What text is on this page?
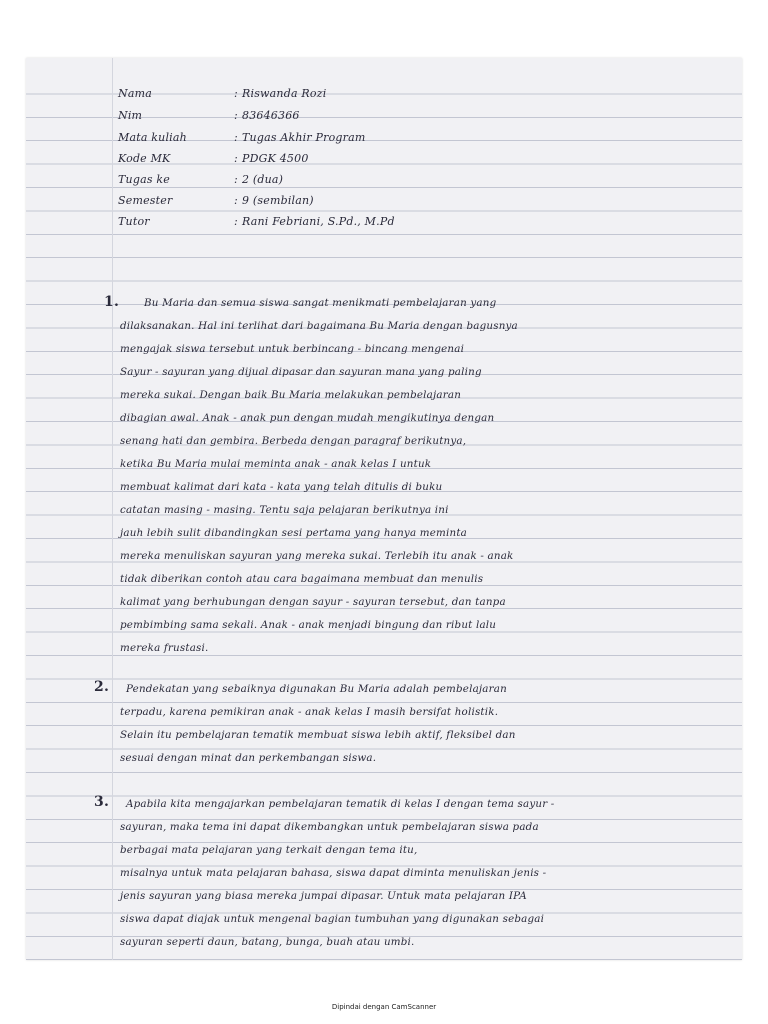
Nama	: Riswanda Rozi
Nim	: 83646366
Mata kuliah	: Tugas Akhir Program
Kode MK	: PDGK 4500
Tugas ke	: 2 (dua)
Semester	: 9 (sembilan)
Tutor	: Rani Febriani, S.Pd., M.Pd
1. Bu Maria dan semua siswa sangat menikmati pembelajaran yang
dilaksanakan. Hal ini terlihat dari bagaimana Bu Maria dengan bagusnya
mengajak siswa tersebut untuk berbincang - bincang mengenai
Sayur - sayuran yang dijual dipasar dan sayuran mana yang paling
mereka sukai. Dengan baik Bu Maria melakukan pembelajaran
dibagian awal. Anak - anak pun dengan mudah mengikutinya dengan
senang hati dan gembira. Berbeda dengan paragraf berikutnya,
ketika Bu Maria mulai meminta anak - anak kelas I untuk
membuat kalimat dari kata - kata yang telah ditulis di buku
catatan masing - masing. Tentu saja pelajaran berikutnya ini
jauh lebih sulit dibandingkan sesi pertama yang hanya meminta
mereka menuliskan sayuran yang mereka sukai. Terlebih itu anak - anak
tidak diberikan contoh atau cara bagaimana membuat dan menulis
kalimat yang berhubungan dengan sayur - sayuran tersebut, dan tanpa
pembimbing sama sekali. Anak - anak menjadi bingung dan ribut lalu
mereka frustasi.
2. Pendekatan yang sebaiknya digunakan Bu Maria adalah pembelajaran
terpadu, karena pemikiran anak - anak kelas I masih bersifat holistik.
Selain itu pembelajaran tematik membuat siswa lebih aktif, fleksibel dan
sesuai dengan minat dan perkembangan siswa.
3. Apabila kita mengajarkan pembelajaran tematik di kelas I dengan tema sayur -
sayuran, maka tema ini dapat dikembangkan untuk pembelajaran siswa pada
berbagai mata pelajaran yang terkait dengan tema itu,
misalnya untuk mata pelajaran bahasa, siswa dapat diminta menuliskan jenis -
jenis sayuran yang biasa mereka jumpai dipasar. Untuk mata pelajaran IPA
siswa dapat diajak untuk mengenal bagian tumbuhan yang digunakan sebagai
sayuran seperti daun, batang, bunga, buah atau umbi.
Dipindai dengan CamScanner
